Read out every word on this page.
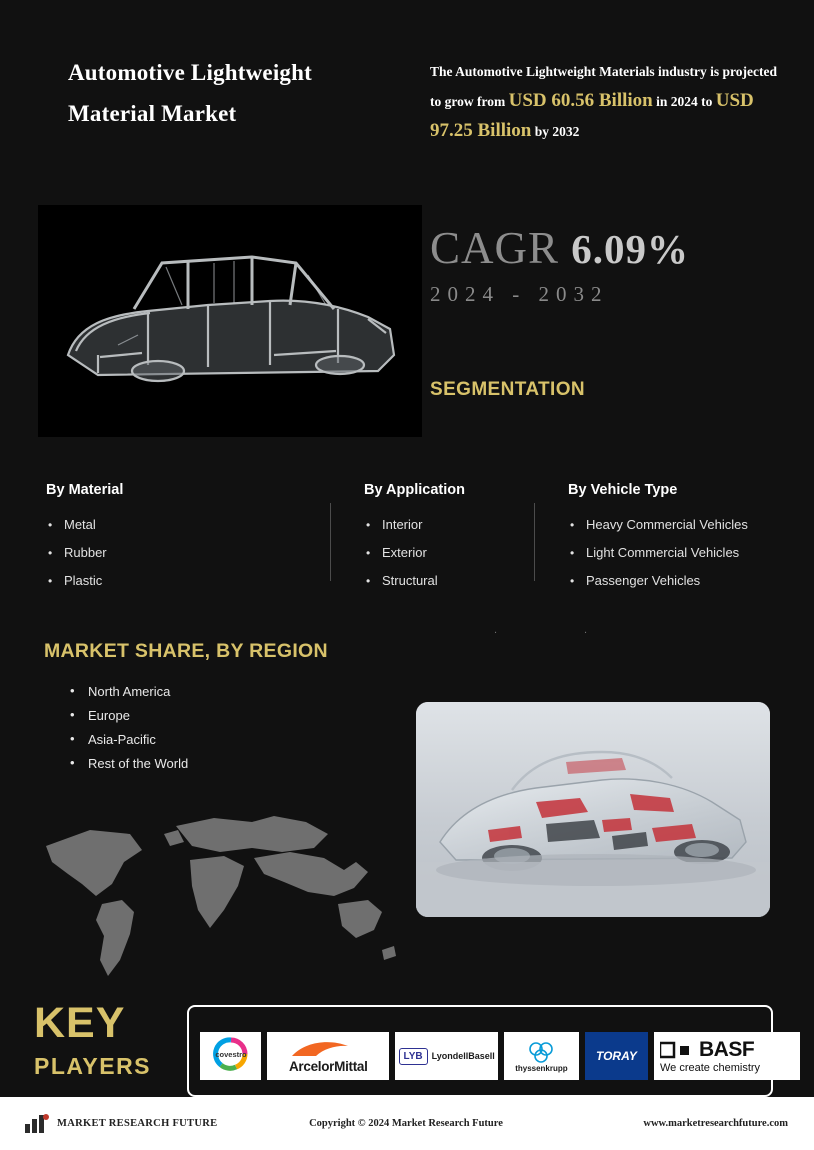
Automotive Lightweight Material Market
The Automotive Lightweight Materials industry is projected to grow from USD 60.56 Billion in 2024 to USD 97.25 Billion by 2032
CAGR 6.09%
2024 - 2032
SEGMENTATION
By Material
• Metal
• Rubber
• Plastic
By Application
• Interior
• Exterior
• Structural
By Vehicle Type
• Heavy Commercial Vehicles
• Light Commercial Vehicles
• Passenger Vehicles
.	.
MARKET SHARE, BY REGION
• North America
• Europe
• Asia-Pacific
• Rest of the World
KEY
PLAYERS	covestro
ArcelorMittal
LYB	LyondellBasell
thyssenkrupp
TORAY	BASF
We create chemistry
MARKET RESEARCH FUTURE	Copyright © 2024 Market Research Future	www.marketresearchfuture.com
